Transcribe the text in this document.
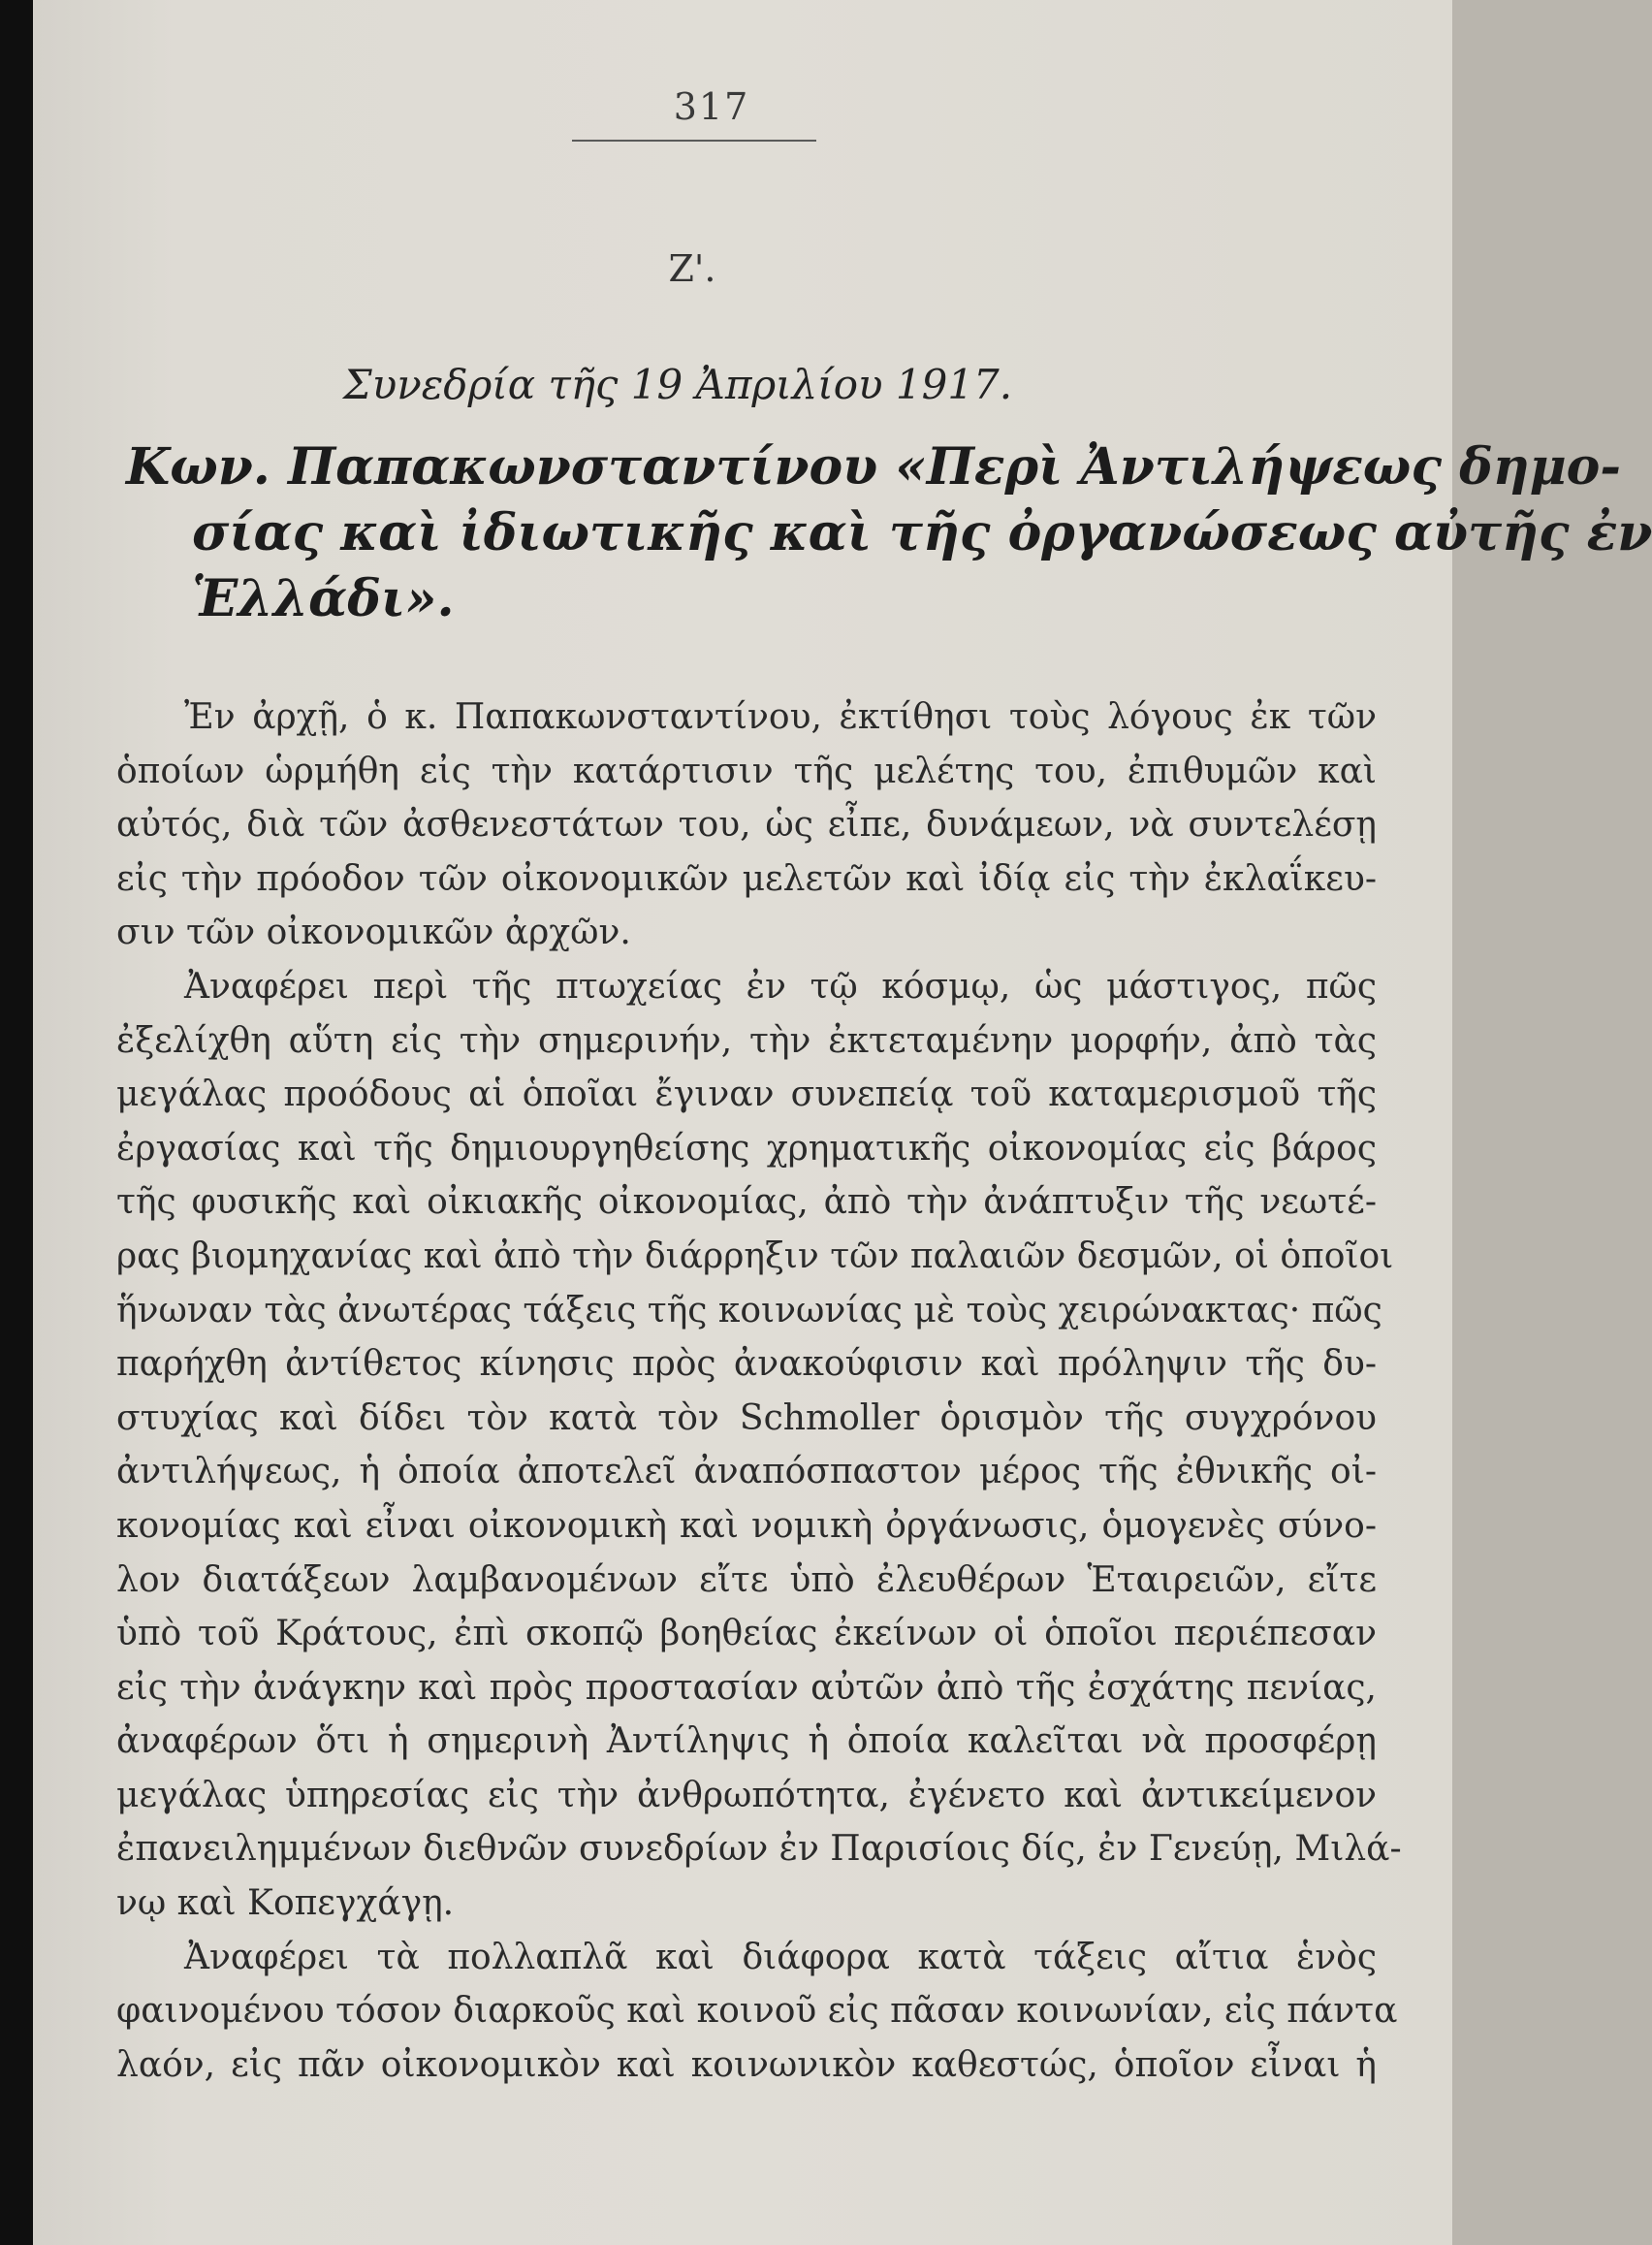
317
Ζ'.
Συνεδρία τῆς 19 Ἀπριλίου 1917.
Κων. Παπακωνσταντίνου «Περὶ Ἀντιλήψεως δημο-
σίας καὶ ἰδιωτικῆς καὶ τῆς ὀργανώσεως αὐτῆς ἐν
Ἑλλάδι».
Ἐν ἀρχῇ, ὁ κ. Παπακωνσταντίνου, ἐκτίθησι τοὺς λόγους ἐκ τῶν
ὁποίων ὡρμήθη εἰς τὴν κατάρτισιν τῆς μελέτης του, ἐπιθυμῶν καὶ
αὐτός, διὰ τῶν ἀσθενεστάτων του, ὡς εἶπε, δυνάμεων, νὰ συντελέσῃ
εἰς τὴν πρόοδον τῶν οἰκονομικῶν μελετῶν καὶ ἰδίᾳ εἰς τὴν ἐκλαΐκευ-
σιν τῶν οἰκονομικῶν ἀρχῶν.
Ἀναφέρει περὶ τῆς πτωχείας ἐν τῷ κόσμῳ, ὡς μάστιγος, πῶς
ἐξελίχθη αὕτη εἰς τὴν σημερινήν, τὴν ἐκτεταμένην μορφήν, ἀπὸ τὰς
μεγάλας προόδους αἱ ὁποῖαι ἔγιναν συνεπείᾳ τοῦ καταμερισμοῦ τῆς
ἐργασίας καὶ τῆς δημιουργηθείσης χρηματικῆς οἰκονομίας εἰς βάρος
τῆς φυσικῆς καὶ οἰκιακῆς οἰκονομίας, ἀπὸ τὴν ἀνάπτυξιν τῆς νεωτέ-
ρας βιομηχανίας καὶ ἀπὸ τὴν διάρρηξιν τῶν παλαιῶν δεσμῶν, οἱ ὁποῖοι
ἥνωναν τὰς ἀνωτέρας τάξεις τῆς κοινωνίας μὲ τοὺς χειρώνακτας· πῶς
παρήχθη ἀντίθετος κίνησις πρὸς ἀνακούφισιν καὶ πρόληψιν τῆς δυ-
στυχίας καὶ δίδει τὸν κατὰ τὸν Schmoller ὁρισμὸν τῆς συγχρόνου
ἀντιλήψεως, ἡ ὁποία ἀποτελεῖ ἀναπόσπαστον μέρος τῆς ἐθνικῆς οἰ-
κονομίας καὶ εἶναι οἰκονομικὴ καὶ νομικὴ ὀργάνωσις, ὁμογενὲς σύνο-
λον διατάξεων λαμβανομένων εἴτε ὑπὸ ἐλευθέρων Ἑταιρειῶν, εἴτε
ὑπὸ τοῦ Κράτους, ἐπὶ σκοπῷ βοηθείας ἐκείνων οἱ ὁποῖοι περιέπεσαν
εἰς τὴν ἀνάγκην καὶ πρὸς προστασίαν αὐτῶν ἀπὸ τῆς ἐσχάτης πενίας,
ἀναφέρων ὅτι ἡ σημερινὴ Ἀντίληψις ἡ ὁποία καλεῖται νὰ προσφέρῃ
μεγάλας ὑπηρεσίας εἰς τὴν ἀνθρωπότητα, ἐγένετο καὶ ἀντικείμενον
ἐπανειλημμένων διεθνῶν συνεδρίων ἐν Παρισίοις δίς, ἐν Γενεύῃ, Μιλά-
νῳ καὶ Κοπεγχάγῃ.
Ἀναφέρει τὰ πολλαπλᾶ καὶ διάφορα κατὰ τάξεις αἴτια ἑνὸς
φαινομένου τόσον διαρκοῦς καὶ κοινοῦ εἰς πᾶσαν κοινωνίαν, εἰς πάντα
λαόν, εἰς πᾶν οἰκονομικὸν καὶ κοινωνικὸν καθεστώς, ὁποῖον εἶναι ἡ
